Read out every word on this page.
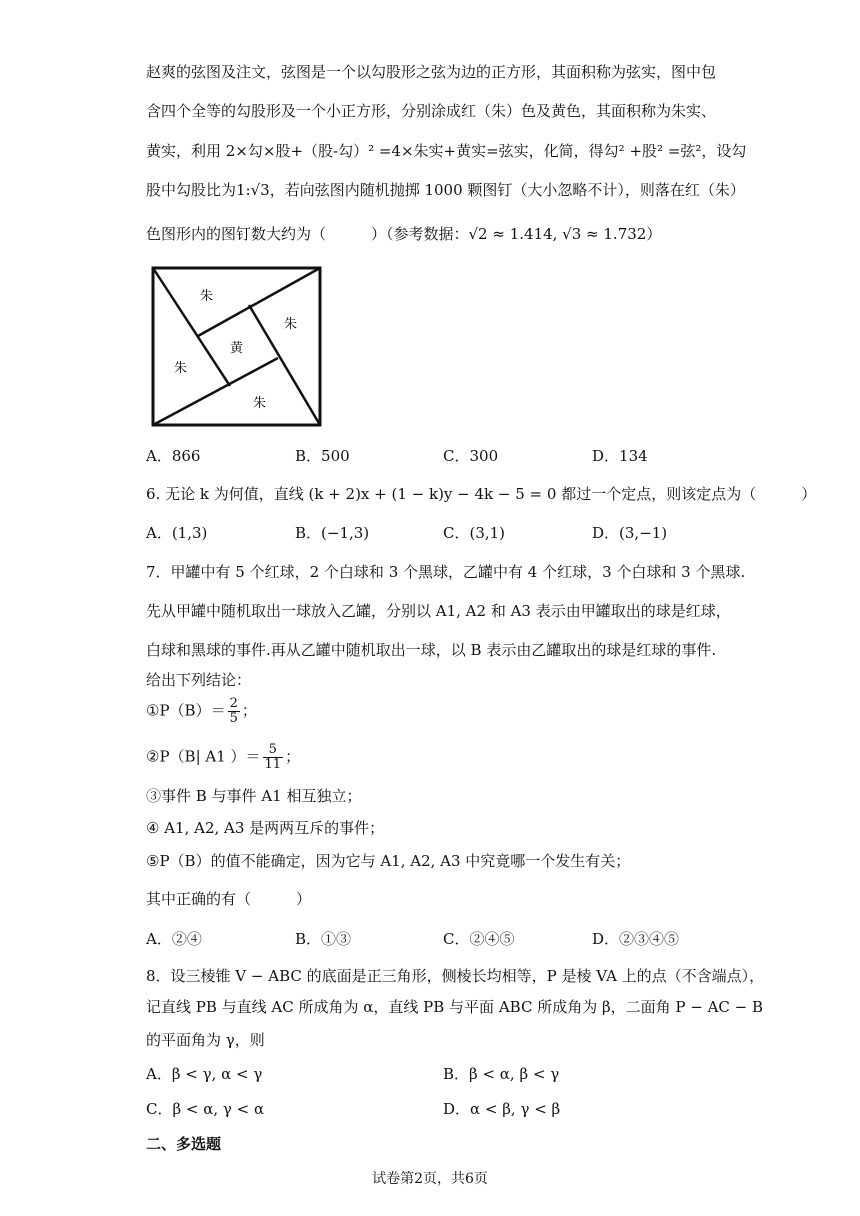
赵爽的弦图及注文，弦图是一个以勾股形之弦为边的正方形，其面积称为弦实，图中包
含四个全等的勾股形及一个小正方形，分别涂成红（朱）色及黄色，其面积称为朱实、
黄实，利用 2×勾×股+（股-勾）² =4×朱实+黄实=弦实，化简，得勾² +股² =弦²，设勾
股中勾股比为1:√3，若向弦图内随机抛掷 1000 颗图钉（大小忽略不计），则落在红（朱）
色图形内的图钉数大约为（　　　）（参考数据：√2 ≈ 1.414, √3 ≈ 1.732）
朱
朱
黄
朱
朱
A．866	B．500	C．300	D．134
6. 无论 k 为何值，直线 (k + 2)x + (1 − k)y − 4k − 5 = 0 都过一个定点，则该定点为（　　　）
A．(1,3)	B．(−1,3)	C．(3,1)	D．(3,−1)
7．甲罐中有 5 个红球，2 个白球和 3 个黑球，乙罐中有 4 个红球，3 个白球和 3 个黑球.
先从甲罐中随机取出一球放入乙罐，分别以 A1, A2 和 A3 表示由甲罐取出的球是红球，
白球和黑球的事件.再从乙罐中随机取出一球，以 B 表示由乙罐取出的球是红球的事件.
给出下列结论：
①P（B）＝ $\frac{2}{5}$ ；
②P（B| A1 ）＝ $\frac{5}{11}$ ；
③事件 B 与事件 A1 相互独立；
④ A1, A2, A3 是两两互斥的事件；
⑤P（B）的值不能确定，因为它与 A1, A2, A3 中究竟哪一个发生有关；
其中正确的有（　　　）
A．②④	B．①③	C．②④⑤	D．②③④⑤
8．设三棱锥 V − ABC 的底面是正三角形，侧棱长均相等，P 是棱 VA 上的点（不含端点），
记直线 PB 与直线 AC 所成角为 α，直线 PB 与平面 ABC 所成角为 β，二面角 P − AC − B
的平面角为 γ，则
A．β < γ, α < γ	B．β < α, β < γ
C．β < α, γ < α	D．α < β, γ < β
二、多选题
试卷第2页，共6页
